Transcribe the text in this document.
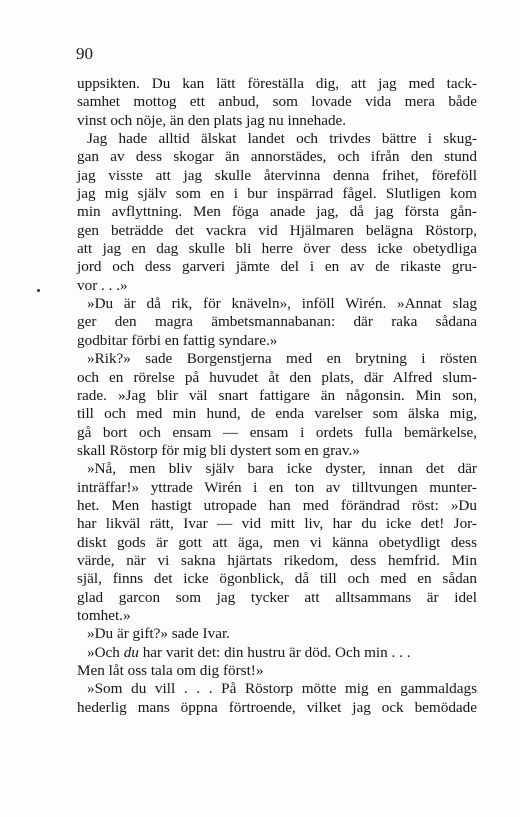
90
uppsikten. Du kan lätt föreställa dig, att jag med tack-
samhet mottog ett anbud, som lovade vida mera både
vinst och nöje, än den plats jag nu innehade.
Jag hade alltid älskat landet och trivdes bättre i skug-
gan av dess skogar än annorstädes, och ifrån den stund
jag visste att jag skulle återvinna denna frihet, föreföll
jag mig själv som en i bur inspärrad fågel. Slutligen kom
min avflyttning. Men föga anade jag, då jag första gån-
gen beträdde det vackra vid Hjälmaren belägna Röstorp,
att jag en dag skulle bli herre över dess icke obetydliga
jord och dess garveri jämte del i en av de rikaste gru-
vor . . .»
»Du är då rik, för knäveln», inföll Wirén. »Annat slag
ger den magra ämbetsmannabanan: där raka sådana
godbitar förbi en fattig syndare.»
»Rik?» sade Borgenstjerna med en brytning i rösten
och en rörelse på huvudet åt den plats, där Alfred slum-
rade. »Jag blir väl snart fattigare än någonsin. Min son,
till och med min hund, de enda varelser som älska mig,
gå bort och ensam — ensam i ordets fulla bemärkelse,
skall Röstorp för mig bli dystert som en grav.»
»Nå, men bliv själv bara icke dyster, innan det där
inträffar!» yttrade Wirén i en ton av tilltvungen munter-
het. Men hastigt utropade han med förändrad röst: »Du
har likväl rätt, Ivar — vid mitt liv, har du icke det! Jor-
diskt gods är gott att äga, men vi känna obetydligt dess
värde, när vi sakna hjärtats rikedom, dess hemfrid. Min
själ, finns det icke ögonblick, då till och med en sådan
glad garcon som jag tycker att alltsammans är idel
tomhet.»
»Du är gift?» sade Ivar.
»Och du har varit det: din hustru är död. Och min . . .
Men låt oss tala om dig först!»
»Som du vill . . . På Röstorp mötte mig en gammaldags
hederlig mans öppna förtroende, vilket jag ock bemödade
